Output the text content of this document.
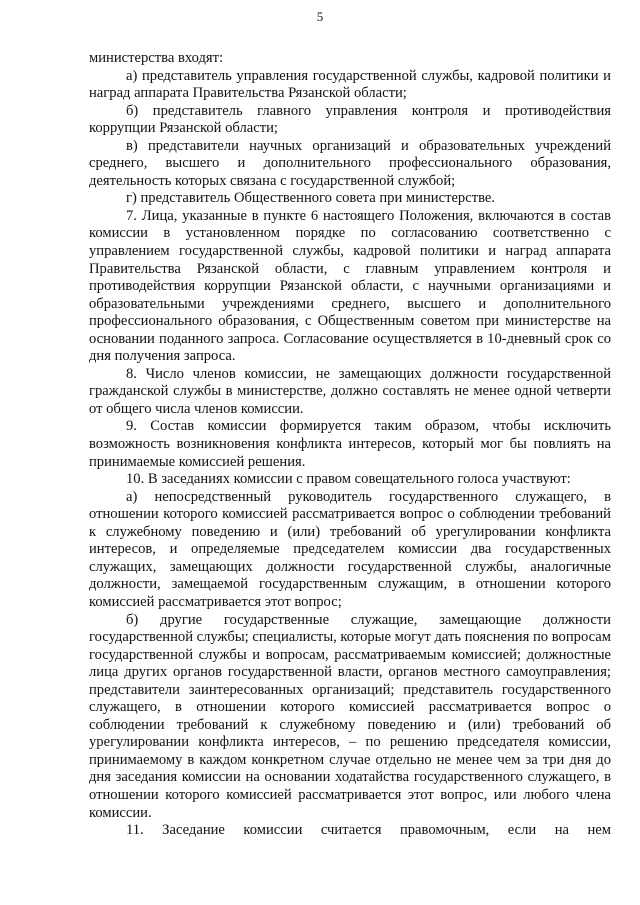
5

министерства входят:

а) представитель управления государственной службы, кадровой политики и наград аппарата Правительства Рязанской области;

б) представитель главного управления контроля и противодействия коррупции Рязанской области;

в) представители научных организаций и образовательных учреждений среднего, высшего и дополнительного профессионального образования, деятельность которых связана с государственной службой;

г) представитель Общественного совета при министерстве.

7. Лица, указанные в пункте 6 настоящего Положения, включаются в состав комиссии в установленном порядке по согласованию соответственно с управлением государственной службы, кадровой политики и наград аппарата Правительства Рязанской области, с главным управлением контроля и противодействия коррупции Рязанской области, с научными организациями и образовательными учреждениями среднего, высшего и дополнительного профессионального образования, с Общественным советом при министерстве на основании поданного запроса. Согласование осуществляется в 10-дневный срок со дня получения запроса.

8. Число членов комиссии, не замещающих должности государственной гражданской службы в министерстве, должно составлять не менее одной четверти от общего числа членов комиссии.

9. Состав комиссии формируется таким образом, чтобы исключить возможность возникновения конфликта интересов, который мог бы повлиять на принимаемые комиссией решения.

10. В заседаниях комиссии с правом совещательного голоса участвуют:

а) непосредственный руководитель государственного служащего, в отношении которого комиссией рассматривается вопрос о соблюдении требований к служебному поведению и (или) требований об урегулировании конфликта интересов, и определяемые председателем комиссии два государственных служащих, замещающих должности государственной службы, аналогичные должности, замещаемой государственным служащим, в отношении которого комиссией рассматривается этот вопрос;

б) другие государственные служащие, замещающие должности государственной службы; специалисты, которые могут дать пояснения по вопросам государственной службы и вопросам, рассматриваемым комиссией; должностные лица других органов государственной власти, органов местного самоуправления; представители заинтересованных организаций; представитель государственного служащего, в отношении которого комиссией рассматривается вопрос о соблюдении требований к служебному поведению и (или) требований об урегулировании конфликта интересов, – по решению председателя комиссии, принимаемому в каждом конкретном случае отдельно не менее чем за три дня до дня заседания комиссии на основании ходатайства государственного служащего, в отношении которого комиссией рассматривается этот вопрос, или любого члена комиссии.

11. Заседание комиссии считается правомочным, если на нем
